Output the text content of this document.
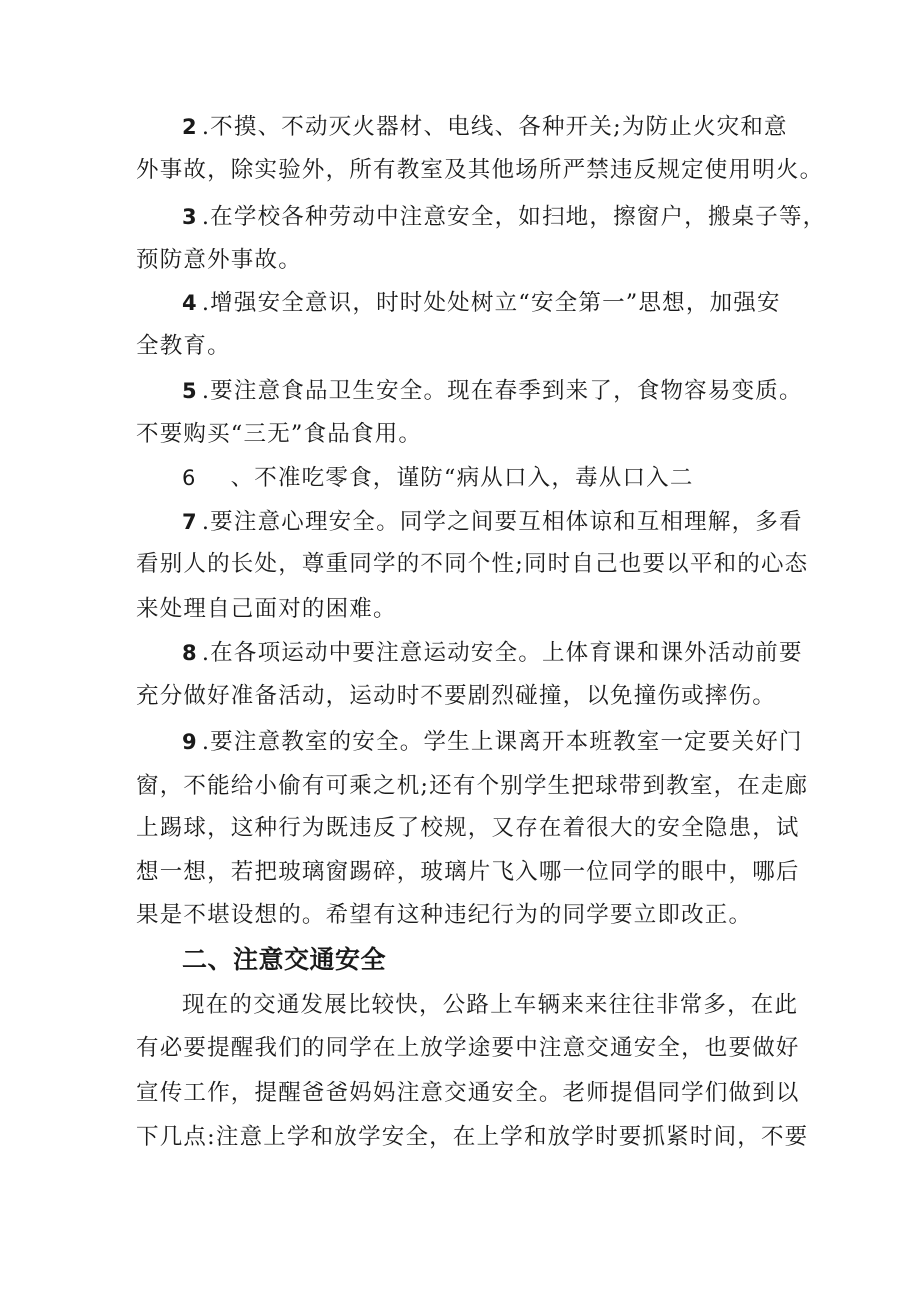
2 .不摸、不动灭火器材、电线、各种开关;为防止火灾和意
外事故，除实验外，所有教室及其他场所严禁违反规定使用明火。
3 .在学校各种劳动中注意安全，如扫地，擦窗户，搬桌子等，
预防意外事故。
4 .增强安全意识，时时处处树立“安全第一”思想，加强安
全教育。
5 .要注意食品卫生安全。现在春季到来了，食物容易变质。
不要购买“三无”食品食用。
6 、不准吃零食，谨防“病从口入，毒从口入二
7 .要注意心理安全。同学之间要互相体谅和互相理解，多看
看别人的长处，尊重同学的不同个性;同时自己也要以平和的心态
来处理自己面对的困难。
8 .在各项运动中要注意运动安全。上体育课和课外活动前要
充分做好准备活动，运动时不要剧烈碰撞，以免撞伤或摔伤。
9 .要注意教室的安全。学生上课离开本班教室一定要关好门
窗，不能给小偷有可乘之机;还有个别学生把球带到教室，在走廊
上踢球，这种行为既违反了校规，又存在着很大的安全隐患，试
想一想，若把玻璃窗踢碎，玻璃片飞入哪一位同学的眼中，哪后
果是不堪设想的。希望有这种违纪行为的同学要立即改正。
二、注意交通安全
现在的交通发展比较快，公路上车辆来来往往非常多，在此
有必要提醒我们的同学在上放学途要中注意交通安全，也要做好
宣传工作，提醒爸爸妈妈注意交通安全。老师提倡同学们做到以
下几点:注意上学和放学安全，在上学和放学时要抓紧时间，不要
